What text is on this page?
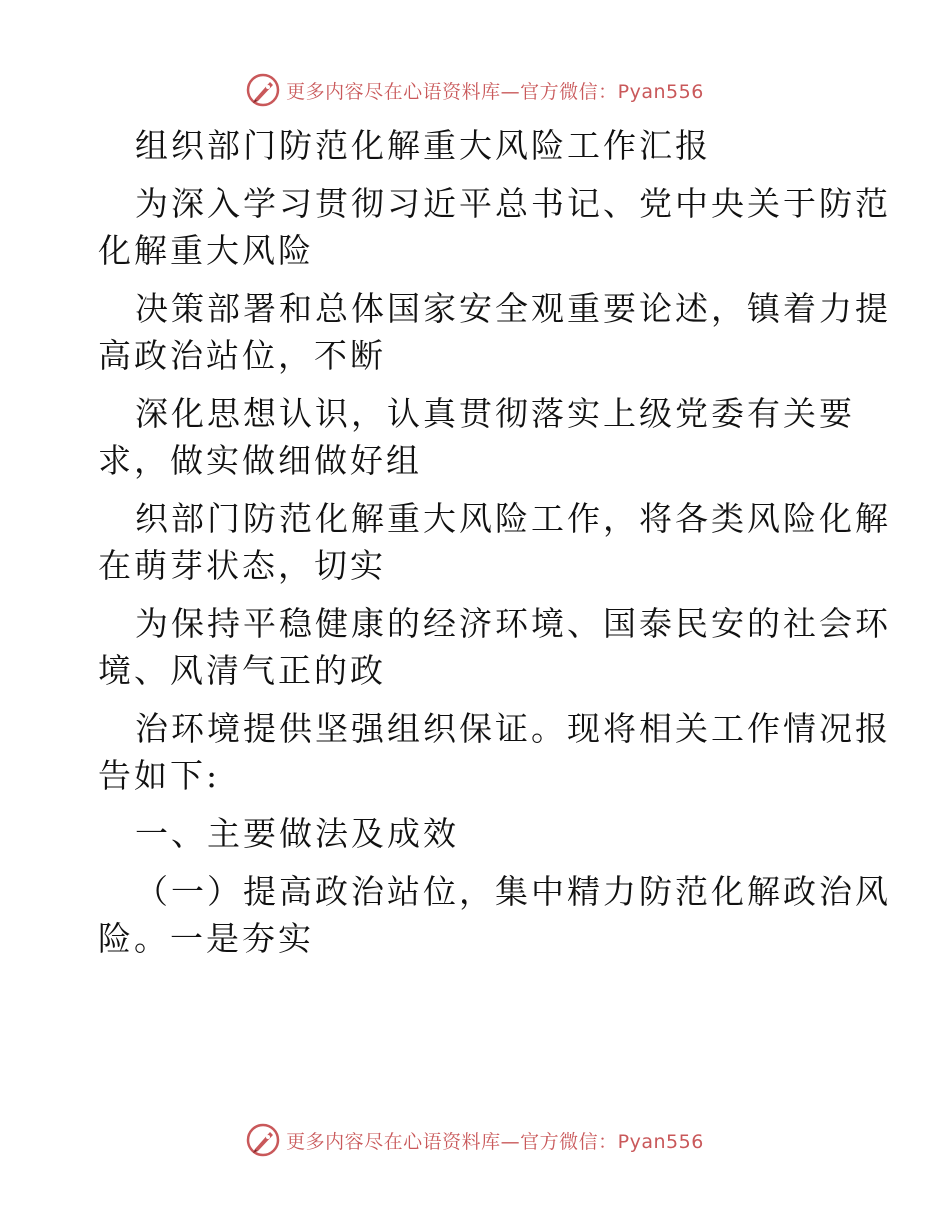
更多内容尽在心语资料库—官方微信：Pyan556
组织部门防范化解重大风险工作汇报
为深入学习贯彻习近平总书记、党中央关于防范
化解重大风险
决策部署和总体国家安全观重要论述，镇着力提
高政治站位，不断
深化思想认识，认真贯彻落实上级党委有关要
求，做实做细做好组
织部门防范化解重大风险工作，将各类风险化解
在萌芽状态，切实
为保持平稳健康的经济环境、国泰民安的社会环
境、风清气正的政
治环境提供坚强组织保证。现将相关工作情况报
告如下:
一、主要做法及成效
（一）提高政治站位，集中精力防范化解政治风
险。一是夯实
更多内容尽在心语资料库—官方微信：Pyan556
